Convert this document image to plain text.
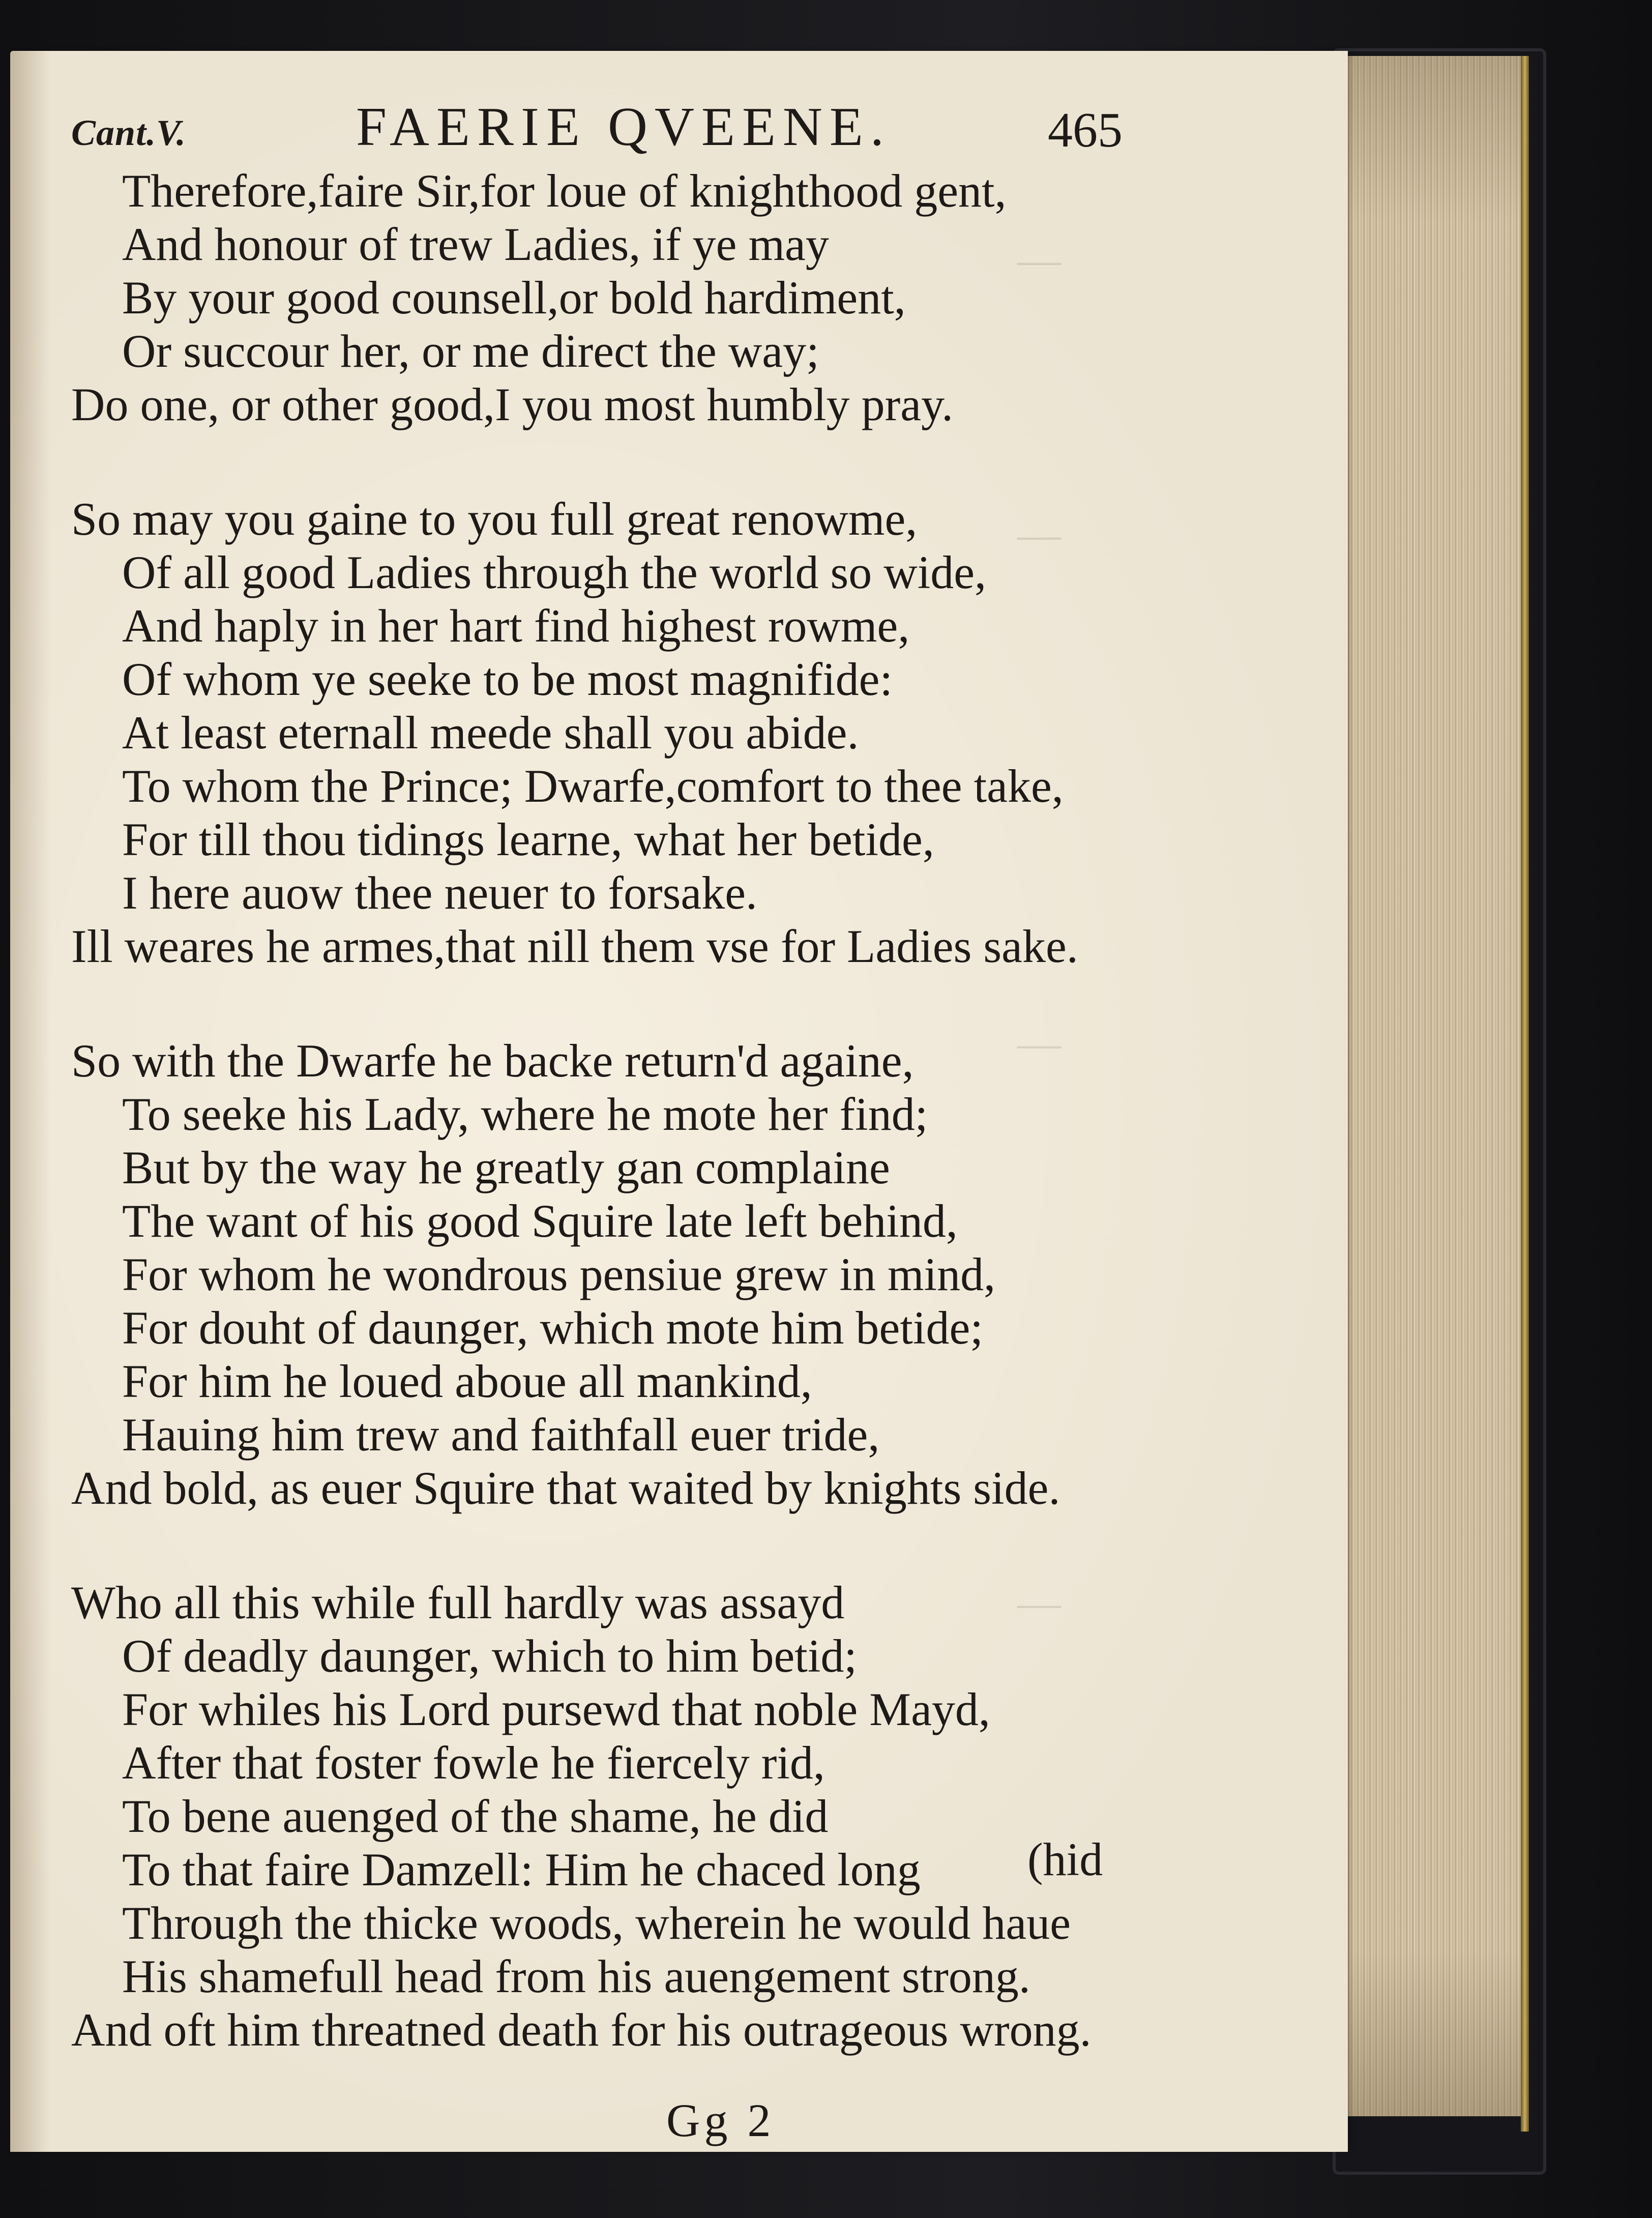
—
—
—
—
Cant.V.	FAERIE QVEENE.	465
Therefore,faire Sir,for loue of knighthood gent,
And honour of trew Ladies, if ye may
By your good counsell,or bold hardiment,
Or succour her, or me direct the way;
Do one, or other good,I you most humbly pray.
So may you gaine to you full great renowme,
Of all good Ladies through the world so wide,
And haply in her hart find highest rowme,
Of whom ye seeke to be most magnifide:
At least eternall meede shall you abide.
To whom the Prince; Dwarfe,comfort to thee take,
For till thou tidings learne, what her betide,
I here auow thee neuer to forsake.
Ill weares he armes,that nill them vse for Ladies sake.
So with the Dwarfe he backe return'd againe,
To seeke his Lady, where he mote her find;
But by the way he greatly gan complaine
The want of his good Squire late left behind,
For whom he wondrous pensiue grew in mind,
For douht of daunger, which mote him betide;
For him he loued aboue all mankind,
Hauing him trew and faithfall euer tride,
And bold, as euer Squire that waited by knights side.
Who all this while full hardly was assayd
Of deadly daunger, which to him betid;
For whiles his Lord pursewd that noble Mayd,
After that foster fowle he fiercely rid,
To bene auenged of the shame, he did
To that faire Damzell: Him he chaced long (hid
Through the thicke woods, wherein he would haue
His shamefull head from his auengement strong.
And oft him threatned death for his outrageous wrong.
Gg 2
